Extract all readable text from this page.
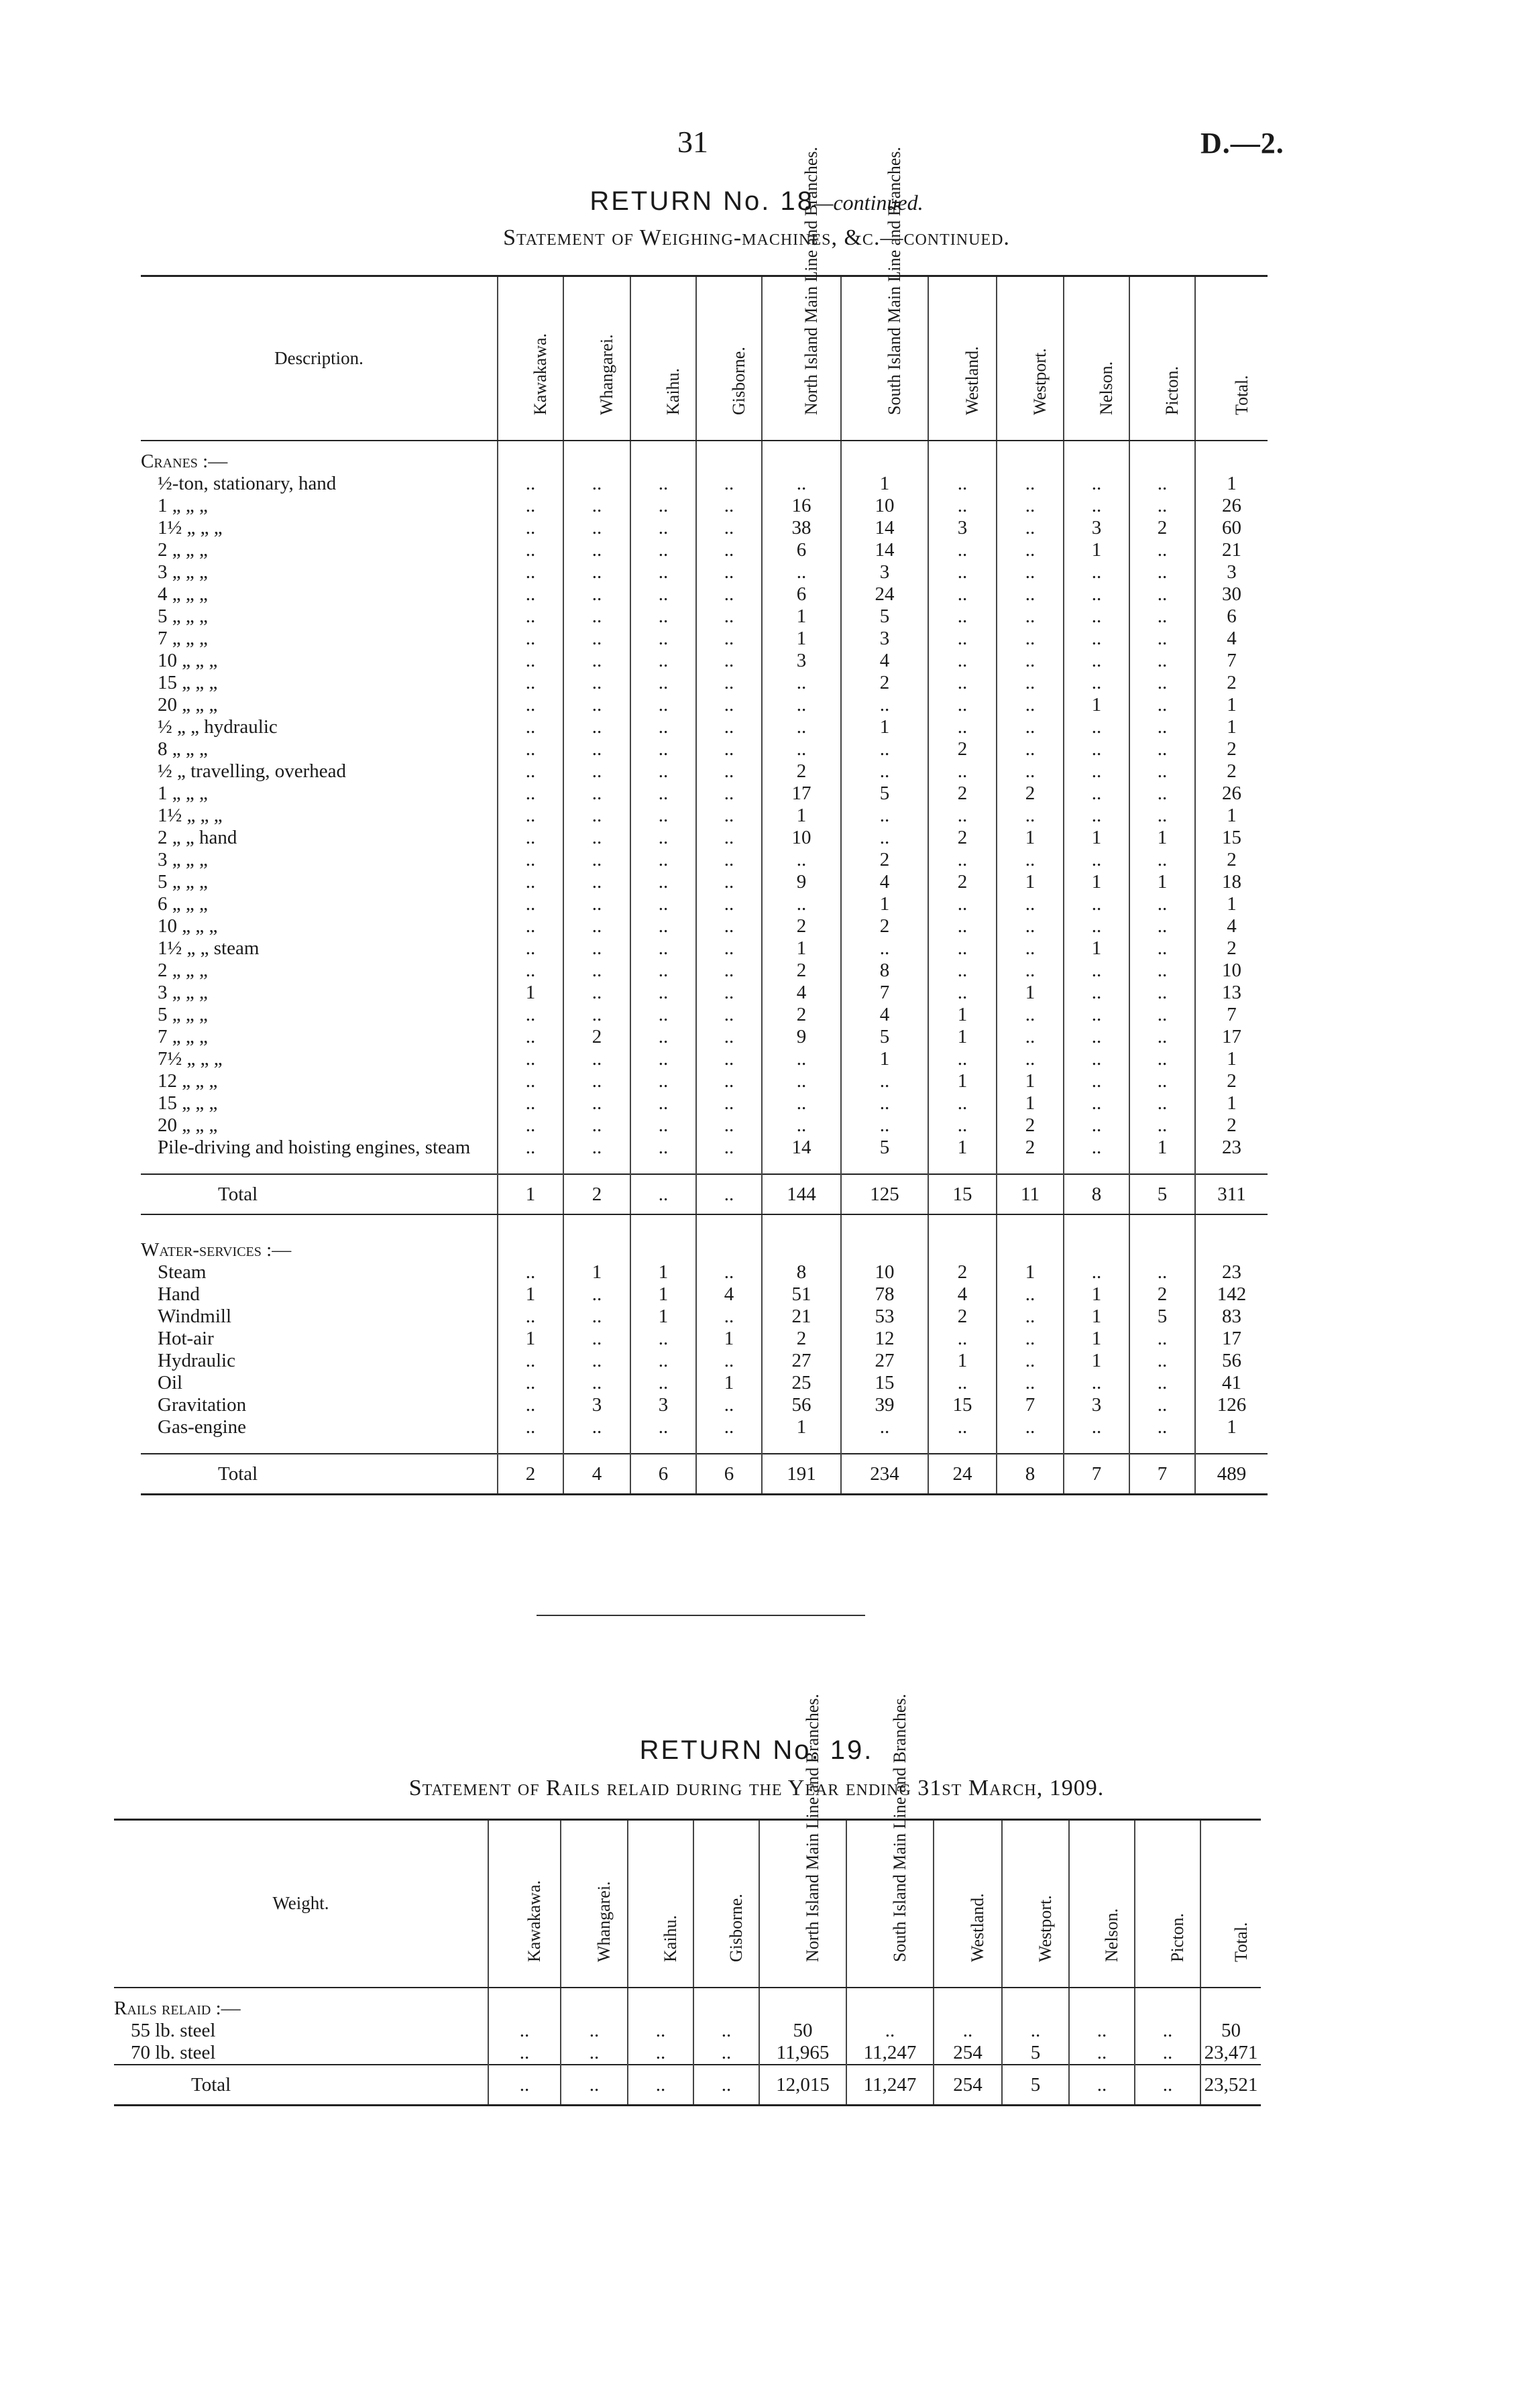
31	D.—2.
RETURN No. 18—continued.
Statement of Weighing-machines, &c.—continued.
Description.	Kawakawa.	Whangarei.	Kaihu.	Gisborne.	North Island Main Line and Branches.	South Island Main Line and Branches.	Westland.	Westport.	Nelson.	Picton.	Total.

Cranes :—											
½-ton, stationary, hand	..	..	..	..	..	1	..	..	..	..	1
1 „ „ „	..	..	..	..	16	10	..	..	..	..	26
1½ „ „ „	..	..	..	..	38	14	3	..	3	2	60
2 „ „ „	..	..	..	..	6	14	..	..	1	..	21
3 „ „ „	..	..	..	..	..	3	..	..	..	..	3
4 „ „ „	..	..	..	..	6	24	..	..	..	..	30
5 „ „ „	..	..	..	..	1	5	..	..	..	..	6
7 „ „ „	..	..	..	..	1	3	..	..	..	..	4
10 „ „ „	..	..	..	..	3	4	..	..	..	..	7
15 „ „ „	..	..	..	..	..	2	..	..	..	..	2
20 „ „ „	..	..	..	..	..	..	..	..	1	..	1
½ „ „ hydraulic	..	..	..	..	..	1	..	..	..	..	1
8 „ „ „	..	..	..	..	..	..	2	..	..	..	2
½ „ travelling, overhead	..	..	..	..	2	..	..	..	..	..	2
1 „ „ „	..	..	..	..	17	5	2	2	..	..	26
1½ „ „ „	..	..	..	..	1	..	..	..	..	..	1
2 „ „ hand	..	..	..	..	10	..	2	1	1	1	15
3 „ „ „	..	..	..	..	..	2	..	..	..	..	2
5 „ „ „	..	..	..	..	9	4	2	1	1	1	18
6 „ „ „	..	..	..	..	..	1	..	..	..	..	1
10 „ „ „	..	..	..	..	2	2	..	..	..	..	4
1½ „ „ steam	..	..	..	..	1	..	..	..	1	..	2
2 „ „ „	..	..	..	..	2	8	..	..	..	..	10
3 „ „ „	1	..	..	..	4	7	..	1	..	..	13
5 „ „ „	..	..	..	..	2	4	1	..	..	..	7
7 „ „ „	..	2	..	..	9	5	1	..	..	..	17
7½ „ „ „	..	..	..	..	..	1	..	..	..	..	1
12 „ „ „	..	..	..	..	..	..	1	1	..	..	2
15 „ „ „	..	..	..	..	..	..	..	1	..	..	1
20 „ „ „	..	..	..	..	..	..	..	2	..	..	2
Pile-driving and hoisting engines, steam	..	..	..	..	14	5	1	2	..	1	23

Total	1	2	..	..	144	125	15	11	8	5	311

Water-services :—											
Steam	..	1	1	..	8	10	2	1	..	..	23
Hand	1	..	1	4	51	78	4	..	1	2	142
Windmill	..	..	1	..	21	53	2	..	1	5	83
Hot-air	1	..	..	1	2	12	..	..	1	..	17
Hydraulic	..	..	..	..	27	27	1	..	1	..	56
Oil	..	..	..	1	25	15	..	..	..	..	41
Gravitation	..	3	3	..	56	39	15	7	3	..	126
Gas-engine	..	..	..	..	1	..	..	..	..	..	1

Total	2	4	6	6	191	234	24	8	7	7	489
RETURN No. 19.
Statement of Rails relaid during the Year ending 31st March, 1909.
Weight.	Kawakawa.	Whangarei.	Kaihu.	Gisborne.	North Island Main Line and Branches.	South Island Main Line and Branches.	Westland.	Westport.	Nelson.	Picton.	Total.

Rails relaid :—											
55 lb. steel	..	..	..	..	50	..	..	..	..	..	50
70 lb. steel	..	..	..	..	11,965	11,247	254	5	..	..	23,471
Total	..	..	..	..	12,015	11,247	254	5	..	..	23,521
